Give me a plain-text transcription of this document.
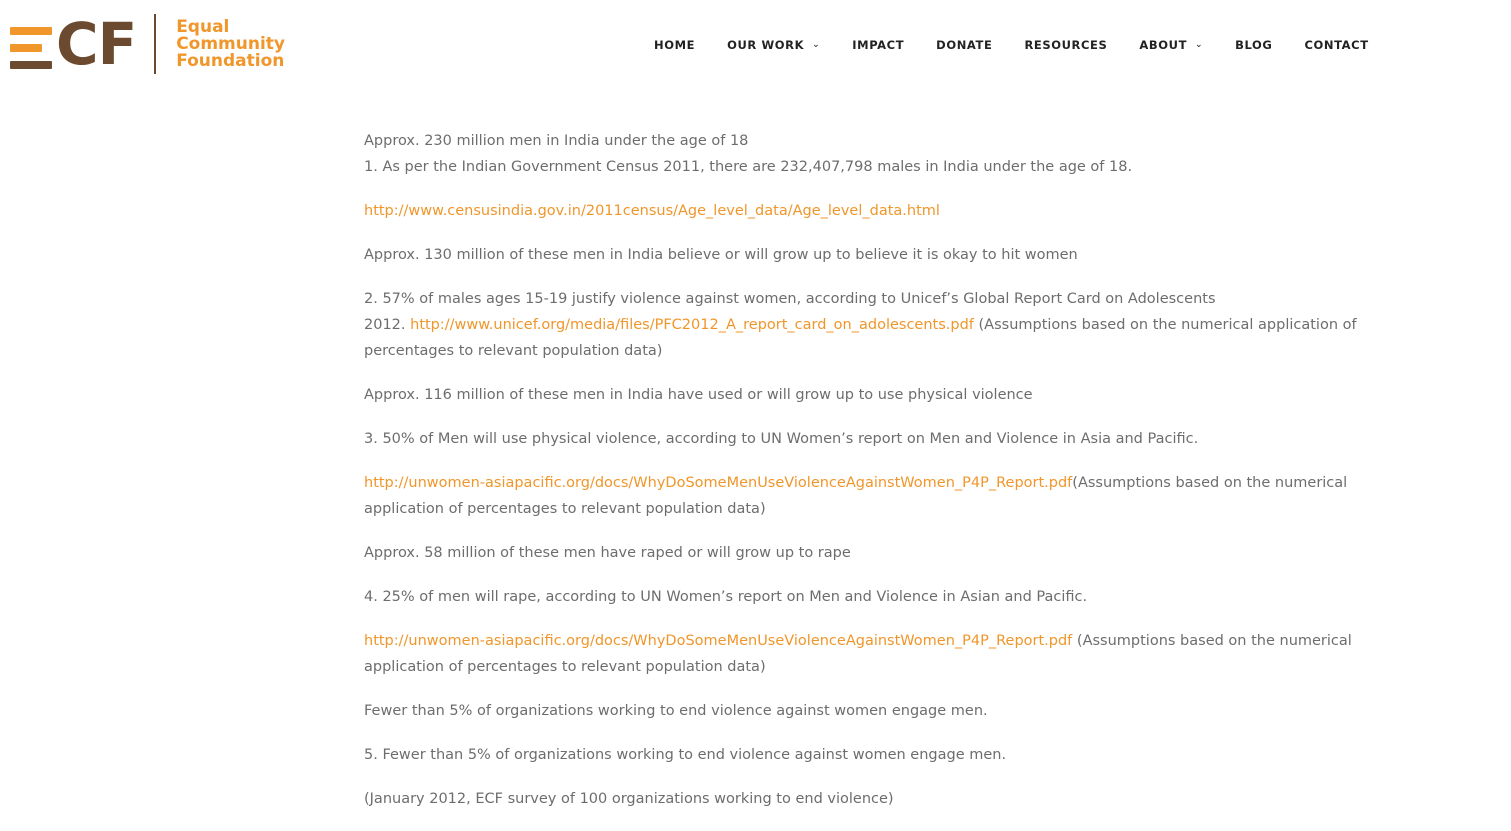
CF Equal
Community
Foundation
HOME	OUR WORK ⌄	IMPACT	DONATE	RESOURCES	ABOUT ⌄	BLOG	CONTACT

Approx. 230 million men in India under the age of 18

1. As per the Indian Government Census 2011, there are 232,407,798 males in India under the age of 18.

http://www.censusindia.gov.in/2011census/Age_level_data/Age_level_data.html

Approx. 130 million of these men in India believe or will grow up to believe it is okay to hit women

2. 57% of males ages 15-19 justify violence against women, according to Unicef’s Global Report Card on Adolescents
2012. http://www.unicef.org/media/files/PFC2012_A_report_card_on_adolescents.pdf (Assumptions based on the numerical application of percentages to relevant population data)

Approx. 116 million of these men in India have used or will grow up to use physical violence

3. 50% of Men will use physical violence, according to UN Women’s report on Men and Violence in Asia and Pacific.

http://unwomen-asiapacific.org/docs/WhyDoSomeMenUseViolenceAgainstWomen_P4P_Report.pdf(Assumptions based on the numerical application of percentages to relevant population data)

Approx. 58 million of these men have raped or will grow up to rape

4. 25% of men will rape, according to UN Women’s report on Men and Violence in Asian and Pacific.

http://unwomen-asiapacific.org/docs/WhyDoSomeMenUseViolenceAgainstWomen_P4P_Report.pdf (Assumptions based on the numerical application of percentages to relevant population data)

Fewer than 5% of organizations working to end violence against women engage men.

5. Fewer than 5% of organizations working to end violence against women engage men.

(January 2012, ECF survey of 100 organizations working to end violence)
